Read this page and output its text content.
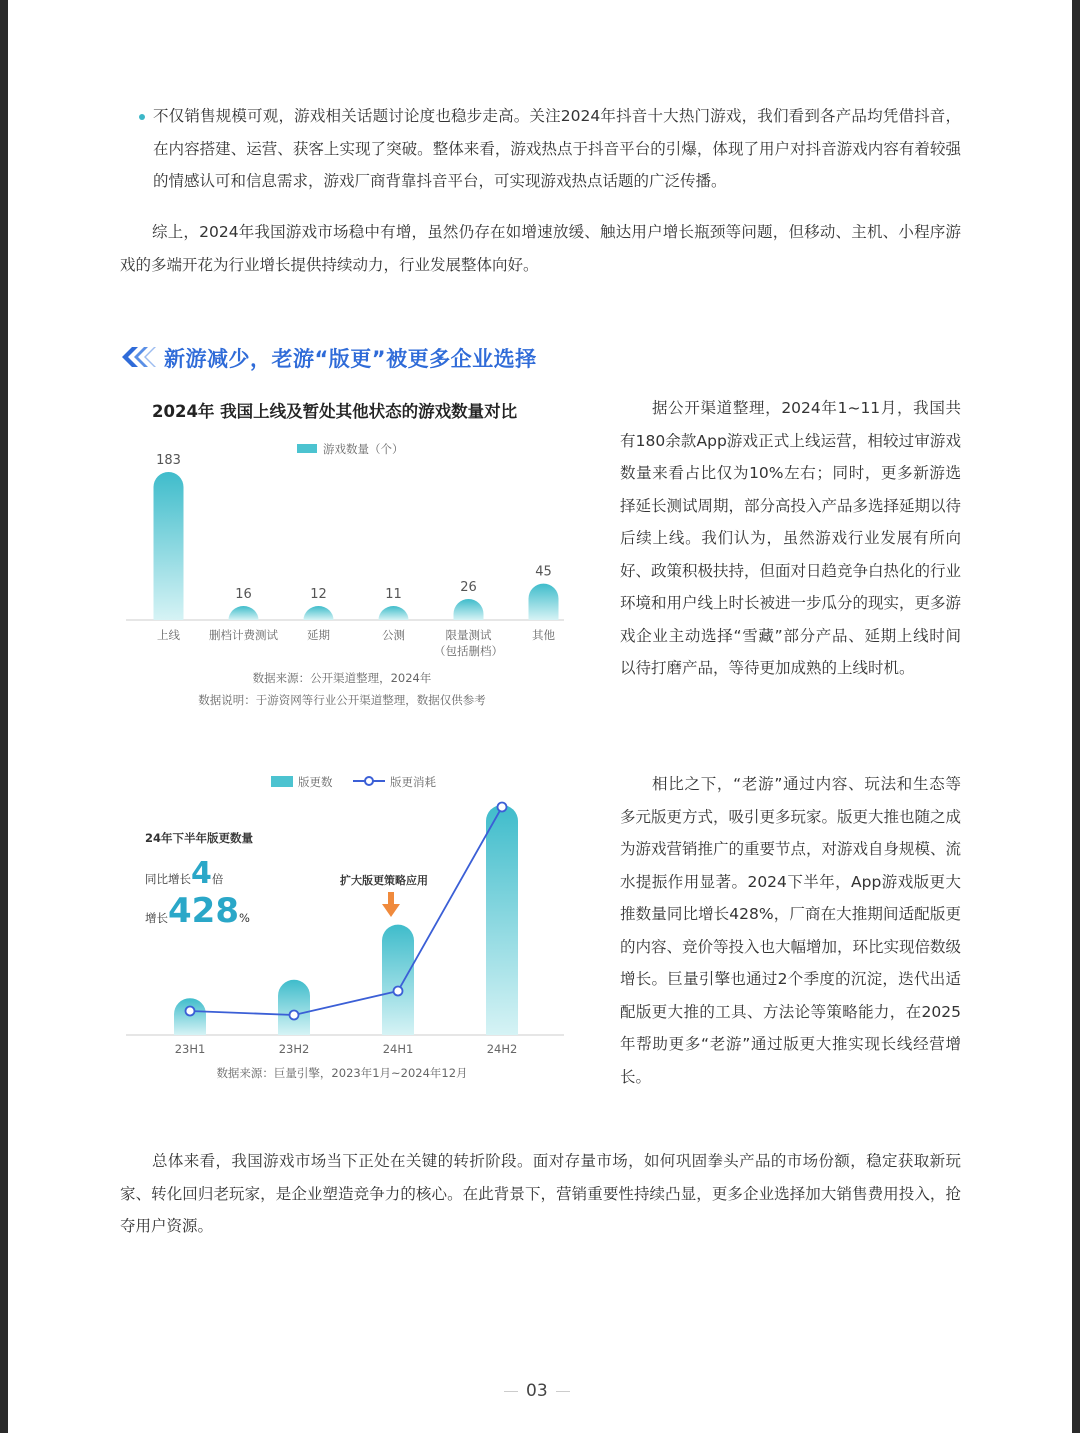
不仅销售规模可观，游戏相关话题讨论度也稳步走高。关注2024年抖音十大热门游戏，我们看到各产品均凭借抖音，在内容搭建、运营、获客上实现了突破。整体来看，游戏热点于抖音平台的引爆，体现了用户对抖音游戏内容有着较强的情感认可和信息需求，游戏厂商背靠抖音平台，可实现游戏热点话题的广泛传播。
综上，2024年我国游戏市场稳中有增，虽然仍存在如增速放缓、触达用户增长瓶颈等问题，但移动、主机、小程序游戏的多端开花为行业增长提供持续动力，行业发展整体向好。
新游减少，老游“版更”被更多企业选择
2024年 我国上线及暂处其他状态的游戏数量对比
游戏数量（个）
183
上线
16
删档计费测试
12
延期
11
公测
26
限量测试
（包括删档）
45
其他
数据来源：公开渠道整理，2024年
数据说明：于游资网等行业公开渠道整理，数据仅供参考
据公开渠道整理，2024年1~11月，我国共有180余款App游戏正式上线运营，相较过审游戏数量来看占比仅为10%左右；同时，更多新游选择延长测试周期，部分高投入产品多选择延期以待后续上线。我们认为，虽然游戏行业发展有所向好、政策积极扶持，但面对日趋竞争白热化的行业环境和用户线上时长被进一步瓜分的现实，更多游戏企业主动选择“雪藏”部分产品、延期上线时间以待打磨产品，等待更加成熟的上线时机。
版更数	版更消耗
23H1	23H2	24H1	24H2
24年下半年版更数量
同比增长4倍
增长428%
扩大版更策略应用
数据来源：巨量引擎，2023年1月~2024年12月
相比之下，“老游”通过内容、玩法和生态等多元版更方式，吸引更多玩家。版更大推也随之成为游戏营销推广的重要节点，对游戏自身规模、流水提振作用显著。2024下半年，App游戏版更大推数量同比增长428%，厂商在大推期间适配版更的内容、竞价等投入也大幅增加，环比实现倍数级增长。巨量引擎也通过2个季度的沉淀，迭代出适配版更大推的工具、方法论等策略能力，在2025年帮助更多“老游”通过版更大推实现长线经营增长。
总体来看，我国游戏市场当下正处在关键的转折阶段。面对存量市场，如何巩固拳头产品的市场份额，稳定获取新玩家、转化回归老玩家，是企业塑造竞争力的核心。在此背景下，营销重要性持续凸显，更多企业选择加大销售费用投入，抢夺用户资源。
03
